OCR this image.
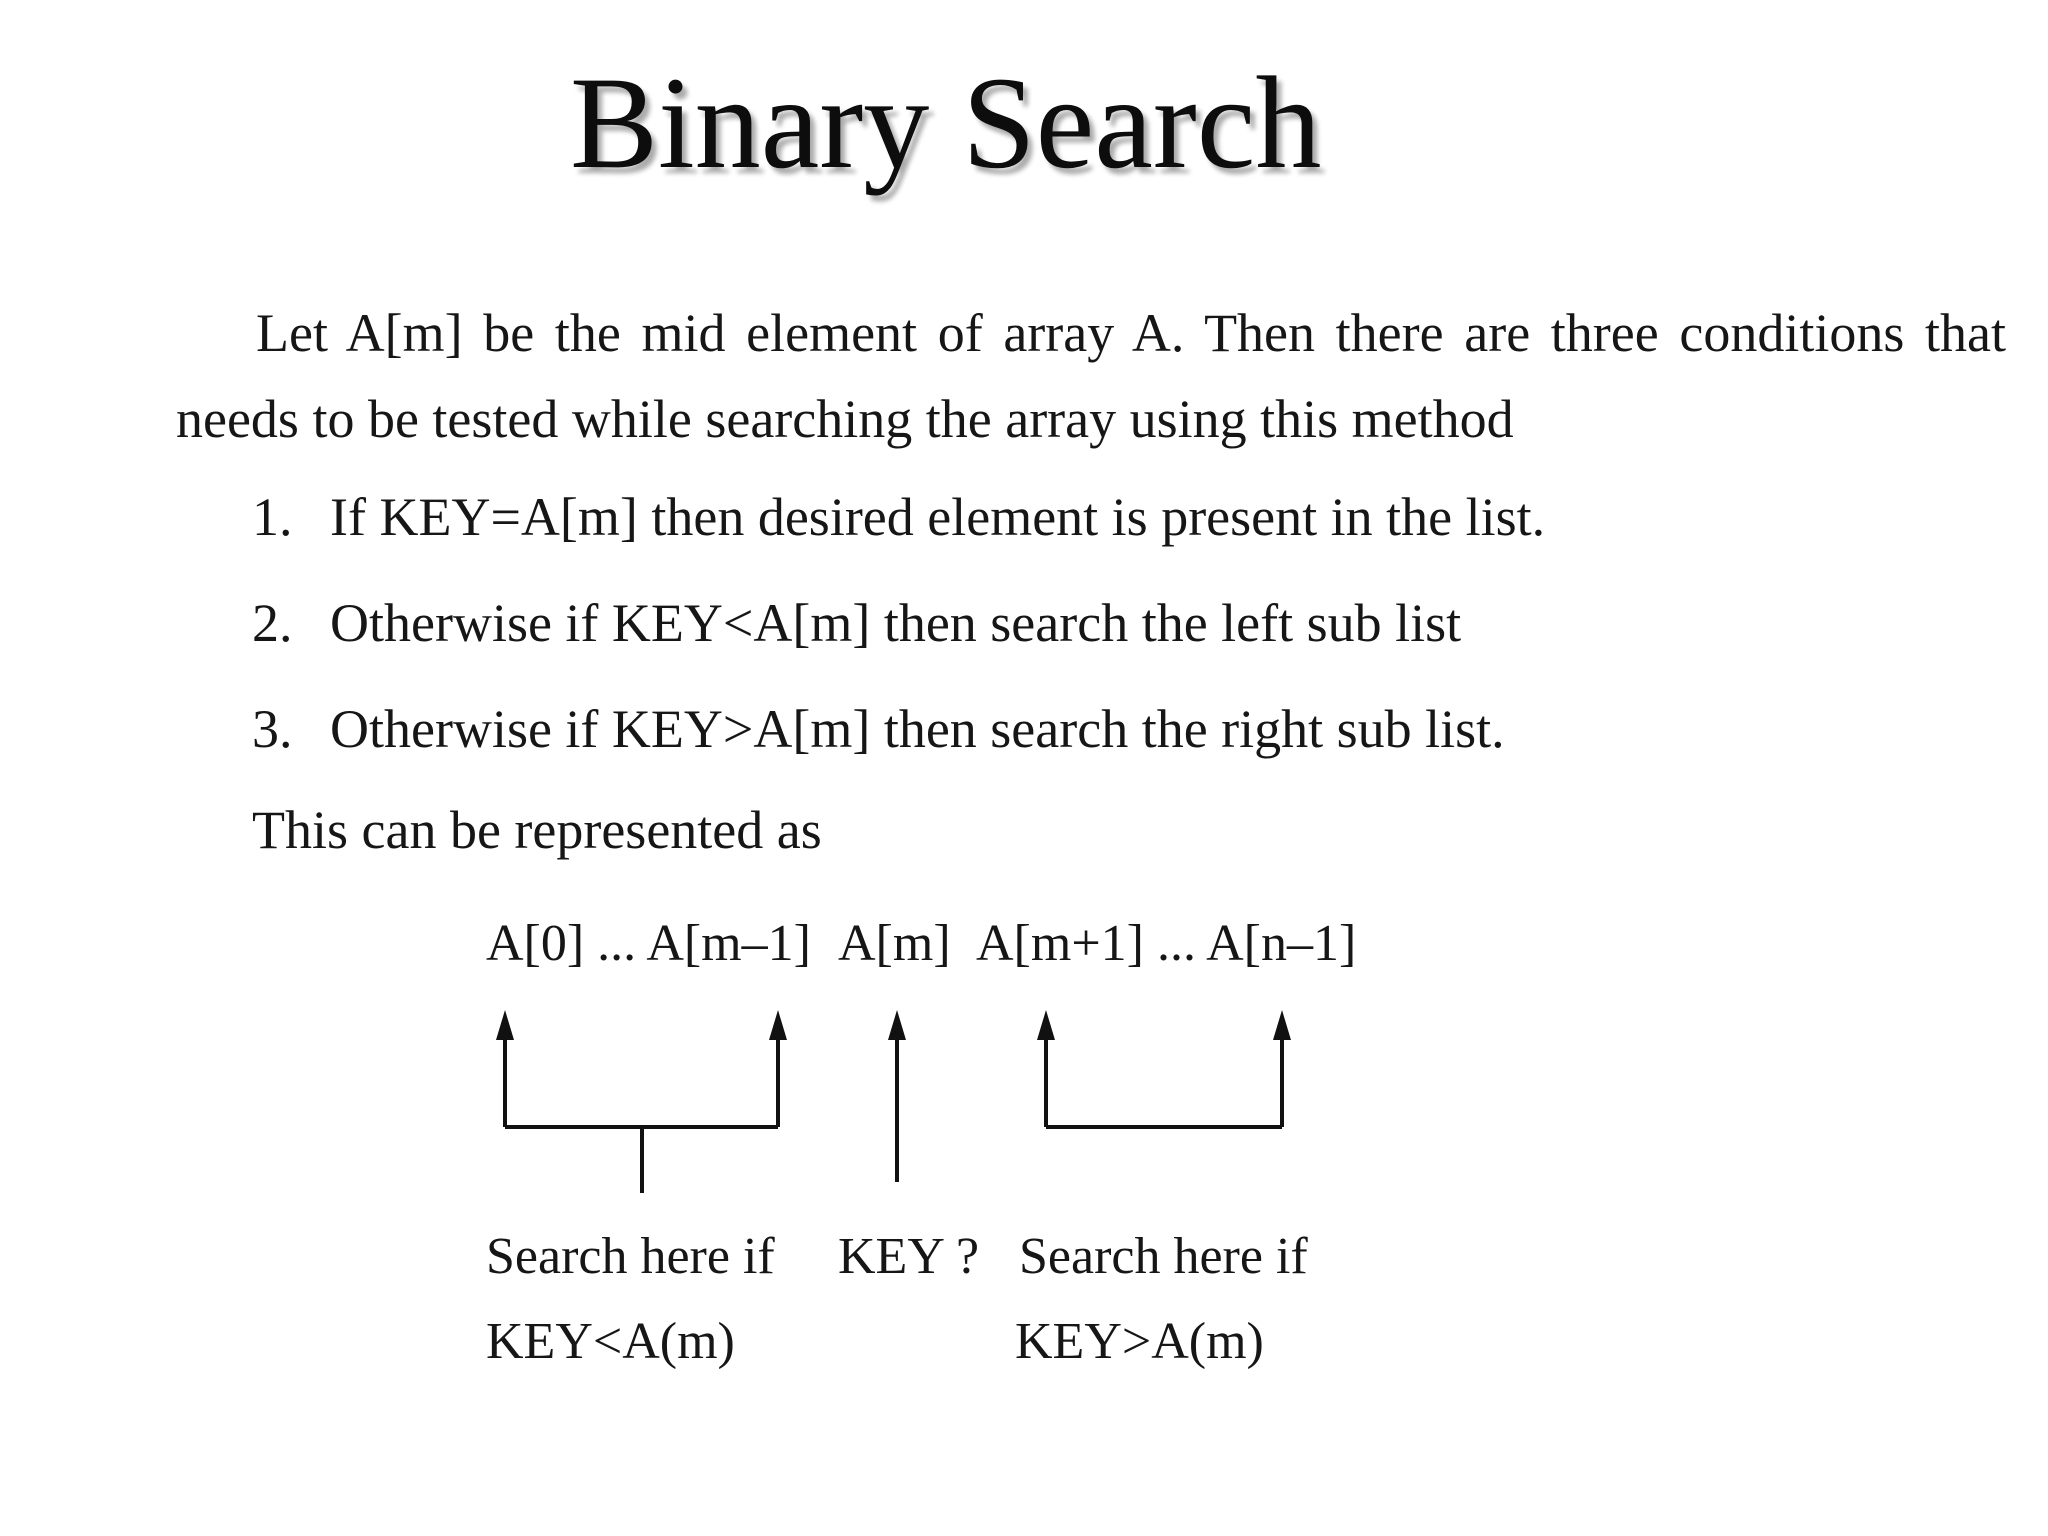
Binary Search
Let A[m] be the mid element of array A. Then there are three conditions that needs to be tested while searching the array using this method
1. If KEY=A[m] then desired element is present in the list.
2. Otherwise if KEY<A[m] then search the left sub list
3. Otherwise if KEY>A[m] then search the right sub list.
This can be represented as
A[0] ... A[m–1] A[m] A[m+1] ... A[n–1]
Search here if
KEY<A(m)
KEY ? Search here if
KEY>A(m)
